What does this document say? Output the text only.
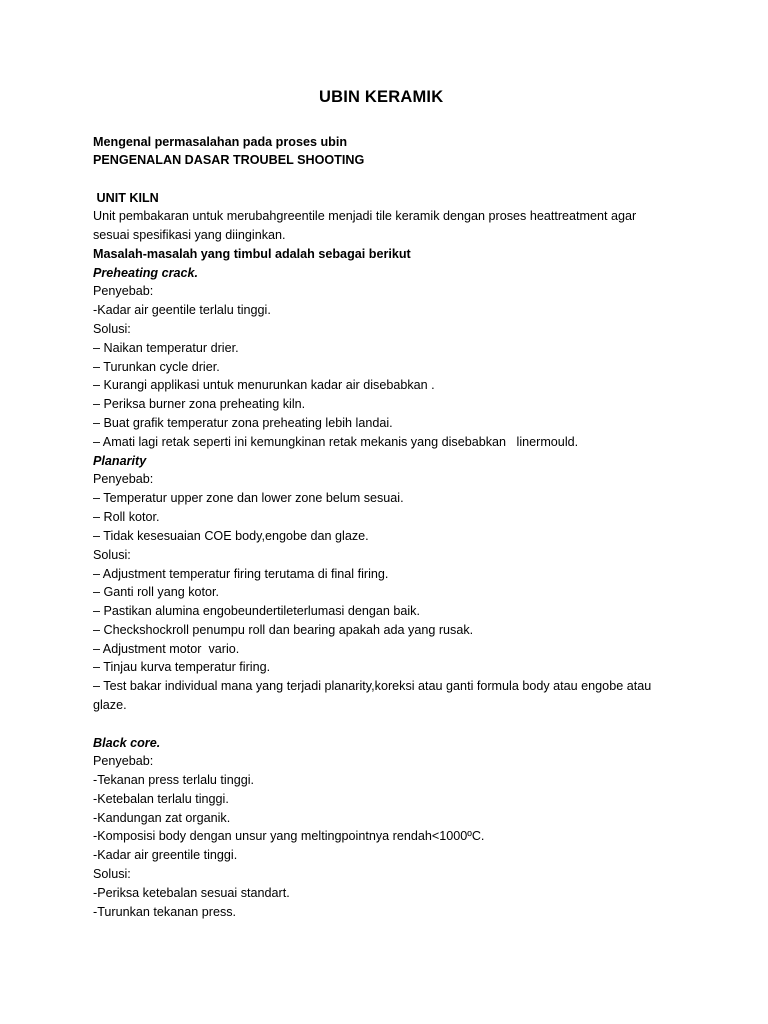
UBIN KERAMIK
Mengenal permasalahan pada proses ubin
PENGENALAN DASAR TROUBEL SHOOTING
UNIT KILN
Unit pembakaran untuk merubahgreentile menjadi tile keramik dengan proses heattreatment agar
sesuai spesifikasi yang diinginkan.
Masalah-masalah yang timbul adalah sebagai berikut
Preheating crack.
Penyebab:
-Kadar air geentile terlalu tinggi.
Solusi:
– Naikan temperatur drier.
– Turunkan cycle drier.
– Kurangi applikasi untuk menurunkan kadar air disebabkan .
– Periksa burner zona preheating kiln.
– Buat grafik temperatur zona preheating lebih landai.
– Amati lagi retak seperti ini kemungkinan retak mekanis yang disebabkan   linermould.
Planarity
Penyebab:
– Temperatur upper zone dan lower zone belum sesuai.
– Roll kotor.
– Tidak kesesuaian COE body,engobe dan glaze.
Solusi:
– Adjustment temperatur firing terutama di final firing.
– Ganti roll yang kotor.
– Pastikan alumina engobeundertileterlumasi dengan baik.
– Checkshockroll penumpu roll dan bearing apakah ada yang rusak.
– Adjustment motor  vario.
– Tinjau kurva temperatur firing.
– Test bakar individual mana yang terjadi planarity,koreksi atau ganti formula body atau engobe atau
glaze.
Black core.
Penyebab:
-Tekanan press terlalu tinggi.
-Ketebalan terlalu tinggi.
-Kandungan zat organik.
-Komposisi body dengan unsur yang meltingpointnya rendah<1000ºC.
-Kadar air greentile tinggi.
Solusi:
-Periksa ketebalan sesuai standart.
-Turunkan tekanan press.
